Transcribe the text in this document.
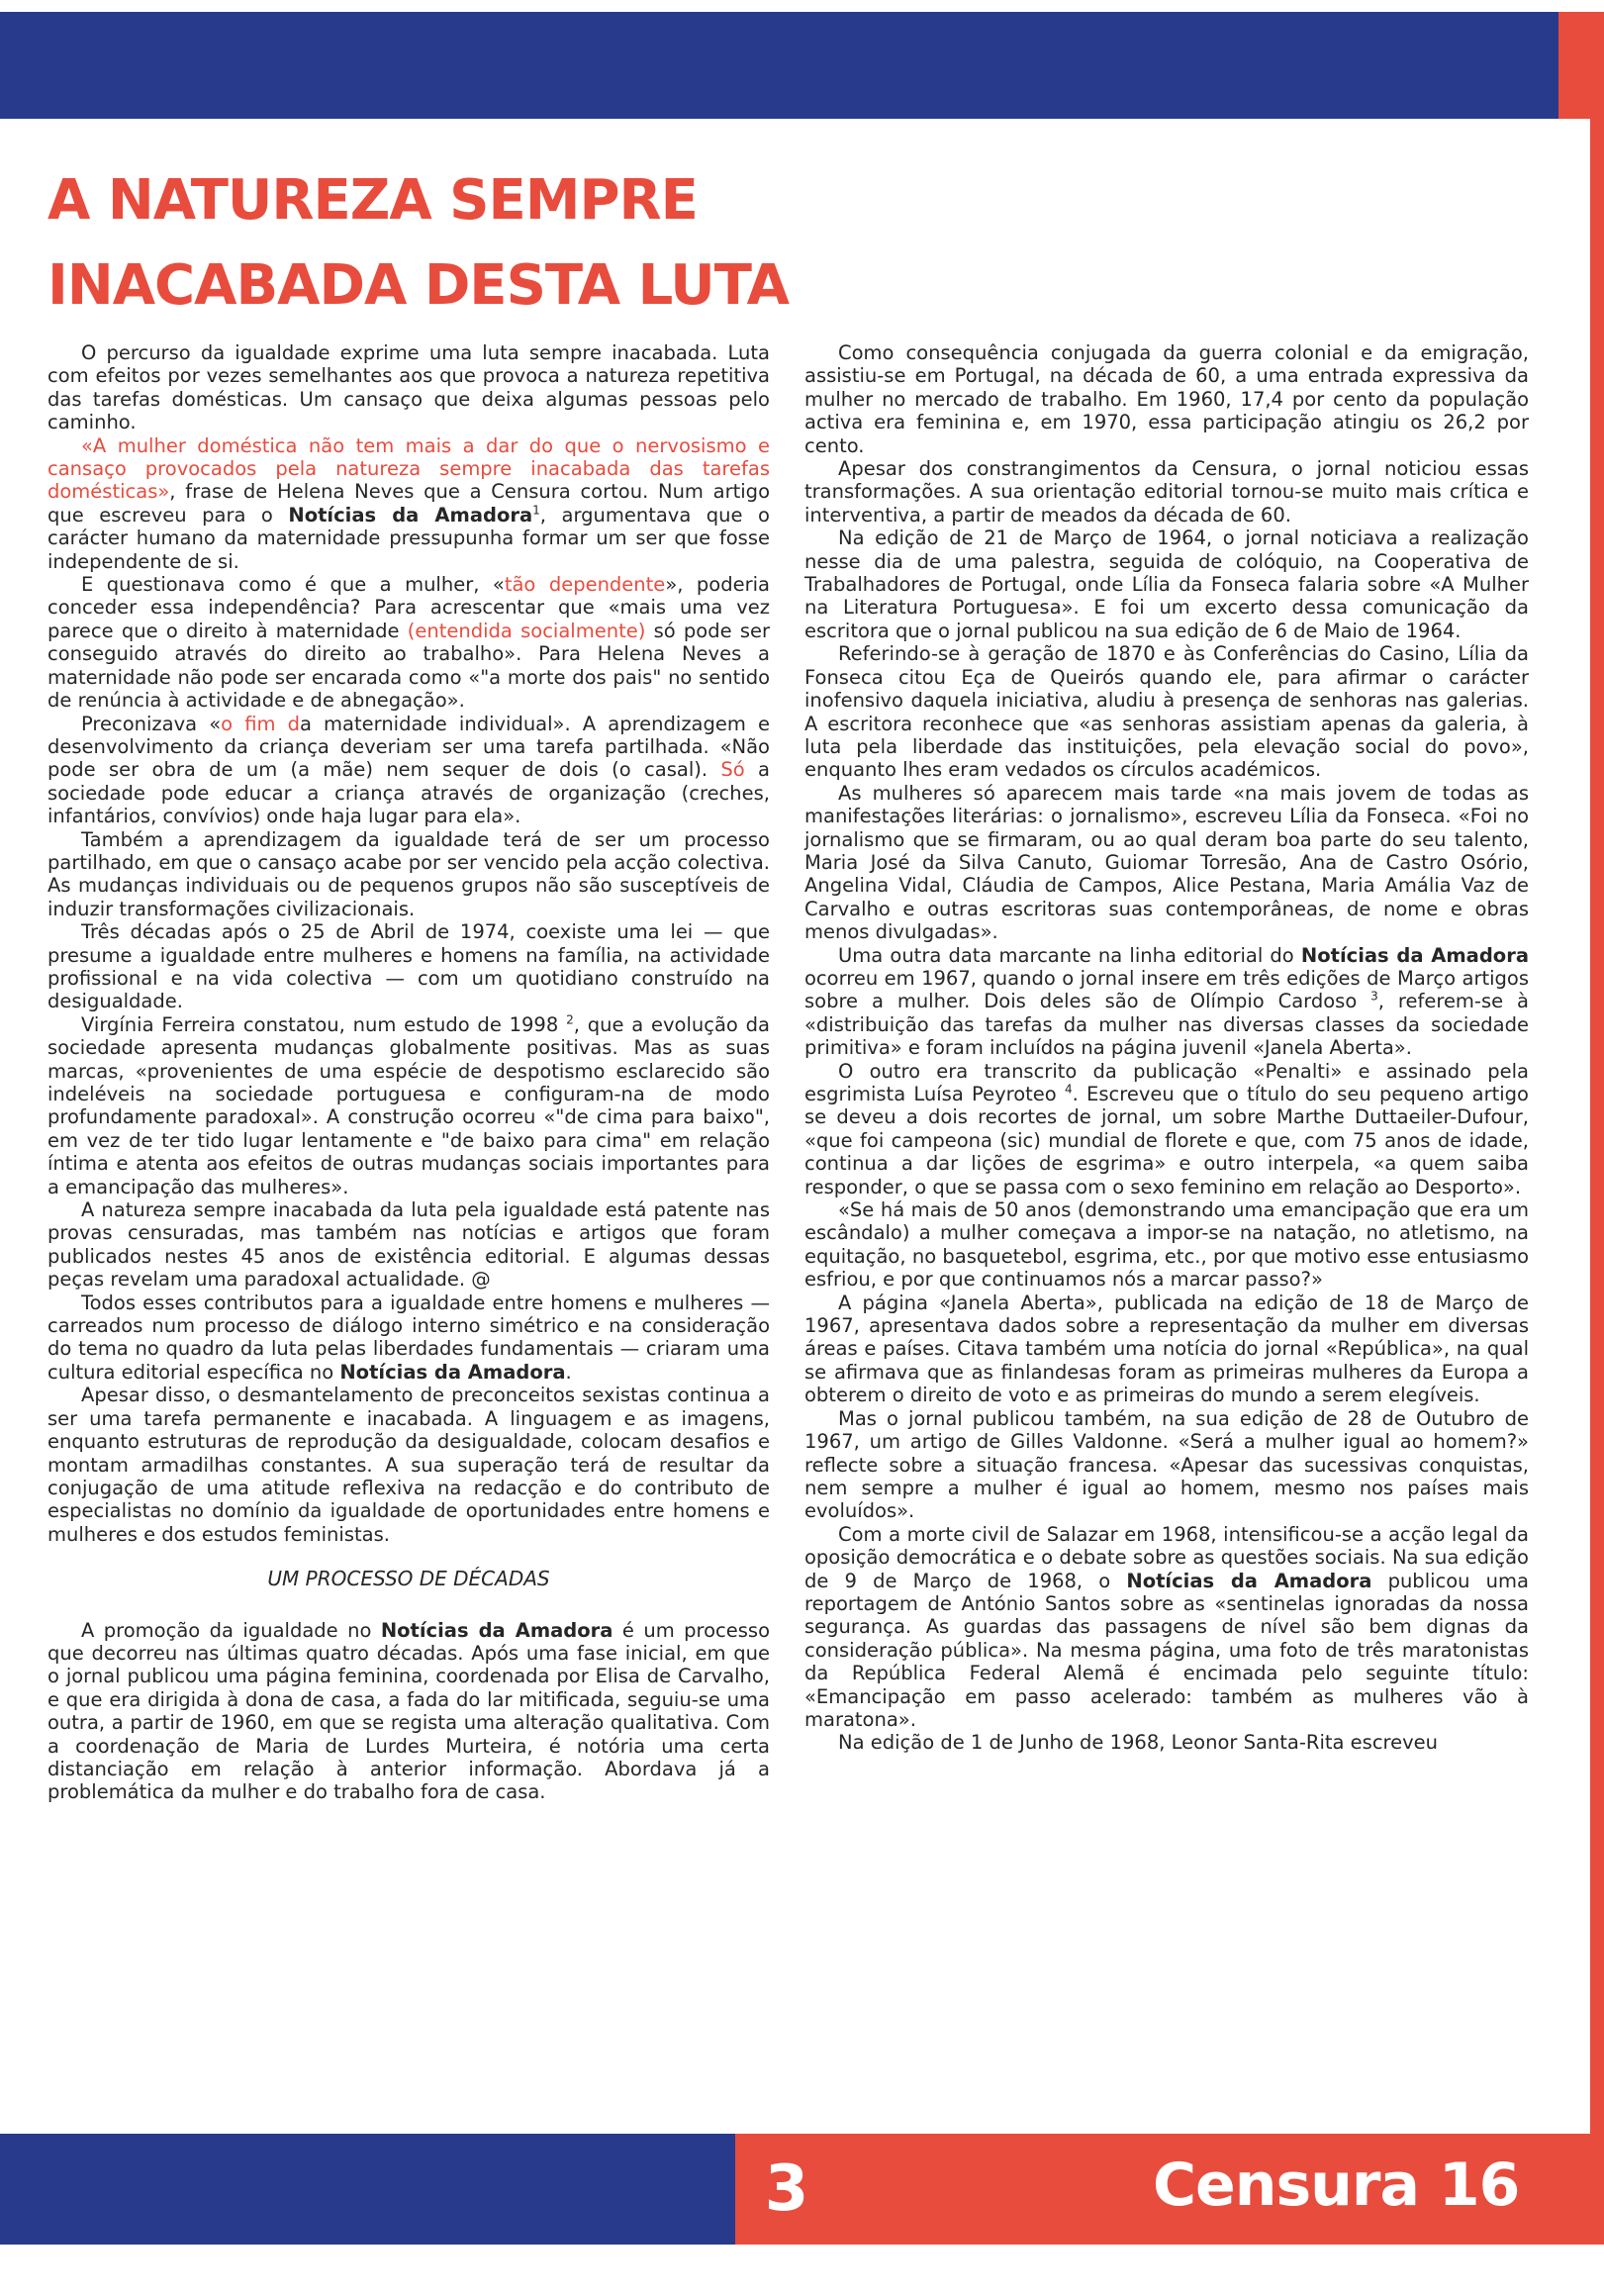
A NATUREZA SEMPRE
INACABADA DESTA LUTA

O percurso da igualdade exprime uma luta sempre inacabada. Luta com efeitos por vezes semelhantes aos que provoca a natureza repetitiva das tarefas domésticas. Um cansaço que deixa algumas pessoas pelo caminho.

«A mulher doméstica não tem mais a dar do que o nervosismo e cansaço provocados pela natureza sempre inacabada das tarefas domésticas», frase de Helena Neves que a Censura cortou. Num artigo que escreveu para o Notícias da Amadora$^1$, argumentava que o carácter humano da maternidade pressupunha formar um ser que fosse independente de si.

E questionava como é que a mulher, «tão dependente», poderia conceder essa independência? Para acrescentar que «mais uma vez parece que o direito à maternidade (entendida socialmente) só pode ser conseguido através do direito ao trabalho». Para Helena Neves a maternidade não pode ser encarada como «"a morte dos pais" no sentido de renúncia à actividade e de abnegação».

Preconizava «o fim da maternidade individual». A aprendizagem e desenvolvimento da criança deveriam ser uma tarefa partilhada. «Não pode ser obra de um (a mãe) nem sequer de dois (o casal). Só a sociedade pode educar a criança através de organização (creches, infantários, convívios) onde haja lugar para ela».

Também a aprendizagem da igualdade terá de ser um processo partilhado, em que o cansaço acabe por ser vencido pela acção colectiva. As mudanças individuais ou de pequenos grupos não são susceptíveis de induzir transformações civilizacionais.

Três décadas após o 25 de Abril de 1974, coexiste uma lei — que presume a igualdade entre mulheres e homens na família, na actividade profissional e na vida colectiva — com um quotidiano construído na desigualdade.

Virgínia Ferreira constatou, num estudo de 1998 $^2$, que a evolução da sociedade apresenta mudanças globalmente positivas. Mas as suas marcas, «provenientes de uma espécie de despotismo esclarecido são indeléveis na sociedade portuguesa e configuram-na de modo profundamente paradoxal». A construção ocorreu «"de cima para baixo", em vez de ter tido lugar lentamente e "de baixo para cima" em relação íntima e atenta aos efeitos de outras mudanças sociais importantes para a emancipação das mulheres».

A natureza sempre inacabada da luta pela igualdade está patente nas provas censuradas, mas também nas notícias e artigos que foram publicados nestes 45 anos de existência editorial. E algumas dessas peças revelam uma paradoxal actualidade. @

Todos esses contributos para a igualdade entre homens e mulheres — carreados num processo de diálogo interno simétrico e na consideração do tema no quadro da luta pelas liberdades fundamentais — criaram uma cultura editorial específica no Notícias da Amadora.

Apesar disso, o desmantelamento de preconceitos sexistas continua a ser uma tarefa permanente e inacabada. A linguagem e as imagens, enquanto estruturas de reprodução da desigualdade, colocam desafios e montam armadilhas constantes. A sua superação terá de resultar da conjugação de uma atitude reflexiva na redacção e do contributo de especialistas no domínio da igualdade de oportunidades entre homens e mulheres e dos estudos feministas.

UM PROCESSO DE DÉCADAS

A promoção da igualdade no Notícias da Amadora é um processo que decorreu nas últimas quatro décadas. Após uma fase inicial, em que o jornal publicou uma página feminina, coordenada por Elisa de Carvalho, e que era dirigida à dona de casa, a fada do lar mitificada, seguiu-se uma outra, a partir de 1960, em que se regista uma alteração qualitativa. Com a coordenação de Maria de Lurdes Murteira, é notória uma certa distanciação em relação à anterior informação. Abordava já a problemática da mulher e do trabalho fora de casa.

Como consequência conjugada da guerra colonial e da emigração, assistiu-se em Portugal, na década de 60, a uma entrada expressiva da mulher no mercado de trabalho. Em 1960, 17,4 por cento da população activa era feminina e, em 1970, essa participação atingiu os 26,2 por cento.

Apesar dos constrangimentos da Censura, o jornal noticiou essas transformações. A sua orientação editorial tornou-se muito mais crítica e interventiva, a partir de meados da década de 60.

Na edição de 21 de Março de 1964, o jornal noticiava a realização nesse dia de uma palestra, seguida de colóquio, na Cooperativa de Trabalhadores de Portugal, onde Lília da Fonseca falaria sobre «A Mulher na Literatura Portuguesa». E foi um excerto dessa comunicação da escritora que o jornal publicou na sua edição de 6 de Maio de 1964.

Referindo-se à geração de 1870 e às Conferências do Casino, Lília da Fonseca citou Eça de Queirós quando ele, para afirmar o carácter inofensivo daquela iniciativa, aludiu à presença de senhoras nas galerias. A escritora reconhece que «as senhoras assistiam apenas da galeria, à luta pela liberdade das instituições, pela elevação social do povo», enquanto lhes eram vedados os círculos académicos.

As mulheres só aparecem mais tarde «na mais jovem de todas as manifestações literárias: o jornalismo», escreveu Lília da Fonseca. «Foi no jornalismo que se firmaram, ou ao qual deram boa parte do seu talento, Maria José da Silva Canuto, Guiomar Torresão, Ana de Castro Osório, Angelina Vidal, Cláudia de Campos, Alice Pestana, Maria Amália Vaz de Carvalho e outras escritoras suas contemporâneas, de nome e obras menos divulgadas».

Uma outra data marcante na linha editorial do Notícias da Amadora ocorreu em 1967, quando o jornal insere em três edições de Março artigos sobre a mulher. Dois deles são de Olímpio Cardoso $^3$, referem-se à «distribuição das tarefas da mulher nas diversas classes da sociedade primitiva» e foram incluídos na página juvenil «Janela Aberta».

O outro era transcrito da publicação «Penalti» e assinado pela esgrimista Luísa Peyroteo $^4$. Escreveu que o título do seu pequeno artigo se deveu a dois recortes de jornal, um sobre Marthe Duttaeiler-Dufour, «que foi campeona (sic) mundial de florete e que, com 75 anos de idade, continua a dar lições de esgrima» e outro interpela, «a quem saiba responder, o que se passa com o sexo feminino em relação ao Desporto».

«Se há mais de 50 anos (demonstrando uma emancipação que era um escândalo) a mulher começava a impor-se na natação, no atletismo, na equitação, no basquetebol, esgrima, etc., por que motivo esse entusiasmo esfriou, e por que continuamos nós a marcar passo?»

A página «Janela Aberta», publicada na edição de 18 de Março de 1967, apresentava dados sobre a representação da mulher em diversas áreas e países. Citava também uma notícia do jornal «República», na qual se afirmava que as finlandesas foram as primeiras mulheres da Europa a obterem o direito de voto e as primeiras do mundo a serem elegíveis.

Mas o jornal publicou também, na sua edição de 28 de Outubro de 1967, um artigo de Gilles Valdonne. «Será a mulher igual ao homem?» reflecte sobre a situação francesa. «Apesar das sucessivas conquistas, nem sempre a mulher é igual ao homem, mesmo nos países mais evoluídos».

Com a morte civil de Salazar em 1968, intensificou-se a acção legal da oposição democrática e o debate sobre as questões sociais. Na sua edição de 9 de Março de 1968, o Notícias da Amadora publicou uma reportagem de António Santos sobre as «sentinelas ignoradas da nossa segurança. As guardas das passagens de nível são bem dignas da consideração pública». Na mesma página, uma foto de três maratonistas da República Federal Alemã é encimada pelo seguinte título: «Emancipação em passo acelerado: também as mulheres vão à maratona».

Na edição de 1 de Junho de 1968, Leonor Santa-Rita escreveu

3	Censura 16
